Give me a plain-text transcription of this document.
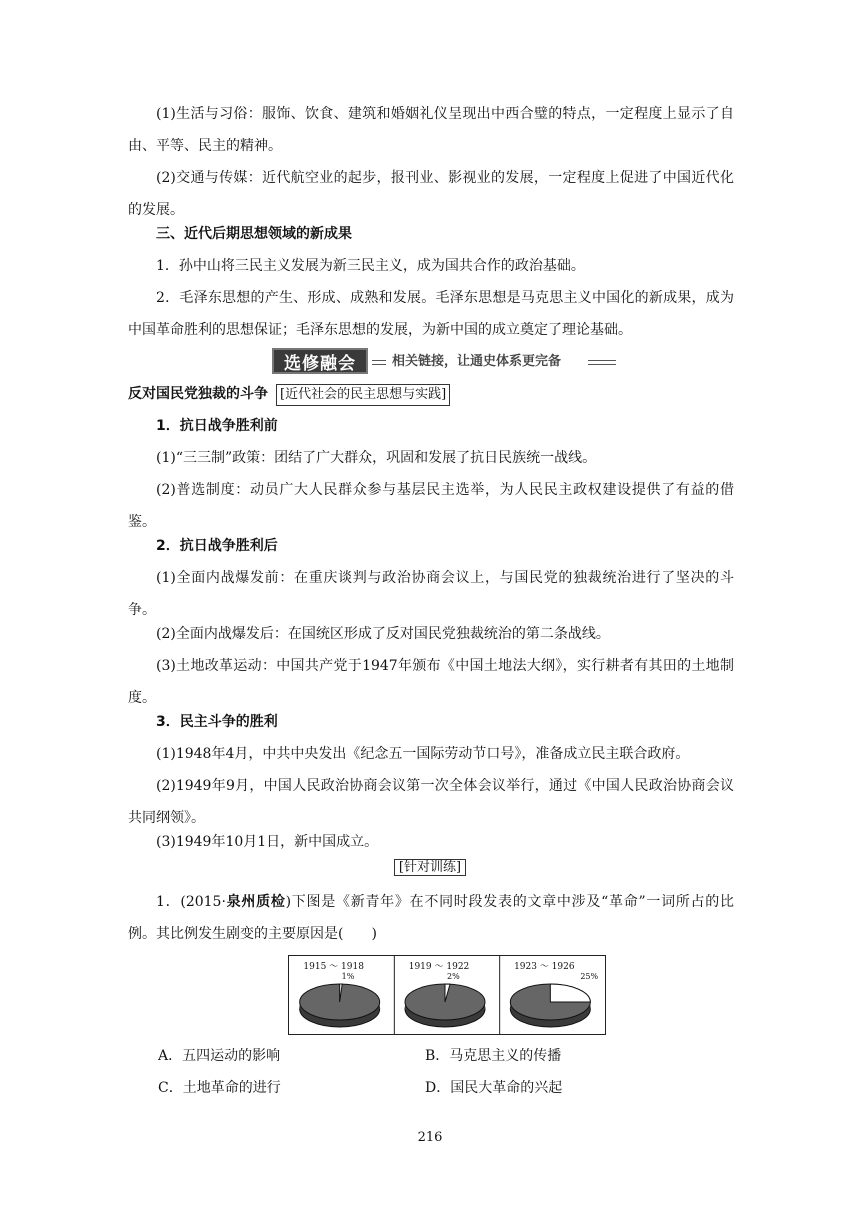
(1)生活与习俗：服饰、饮食、建筑和婚姻礼仪呈现出中西合璧的特点，一定程度上显示了自由、平等、民主的精神。

(2)交通与传媒：近代航空业的起步，报刊业、影视业的发展，一定程度上促进了中国近代化的发展。

三、近代后期思想领域的新成果

1．孙中山将三民主义发展为新三民主义，成为国共合作的政治基础。

2．毛泽东思想的产生、形成、成熟和发展。毛泽东思想是马克思主义中国化的新成果，成为中国革命胜利的思想保证；毛泽东思想的发展，为新中国的成立奠定了理论基础。

选修融会	相关链接，让通史体系更完备
反对国民党独裁的斗争 [近代社会的民主思想与实践]

1．抗日战争胜利前

(1)“三三制”政策：团结了广大群众，巩固和发展了抗日民族统一战线。

(2)普选制度：动员广大人民群众参与基层民主选举，为人民民主政权建设提供了有益的借鉴。

2．抗日战争胜利后

(1)全面内战爆发前：在重庆谈判与政治协商会议上，与国民党的独裁统治进行了坚决的斗争。

(2)全面内战爆发后：在国统区形成了反对国民党独裁统治的第二条战线。

(3)土地改革运动：中国共产党于1947年颁布《中国土地法大纲》，实行耕者有其田的土地制度。

3．民主斗争的胜利

(1)1948年4月，中共中央发出《纪念五一国际劳动节口号》，准备成立民主联合政府。

(2)1949年9月，中国人民政治协商会议第一次全体会议举行，通过《中国人民政治协商会议共同纲领》。

(3)1949年10月1日，新中国成立。

[针对训练]

1．(2015·泉州质检)下图是《新青年》在不同时段发表的文章中涉及“革命”一词所占的比例。其比例发生剧变的主要原因是(　　)

1915 ～ 1918
1%
1919 ～ 1922
2%
1923 ～ 1926
25%

A．五四运动的影响	B．马克思主义的传播

C．土地革命的进行	D．国民大革命的兴起

216
